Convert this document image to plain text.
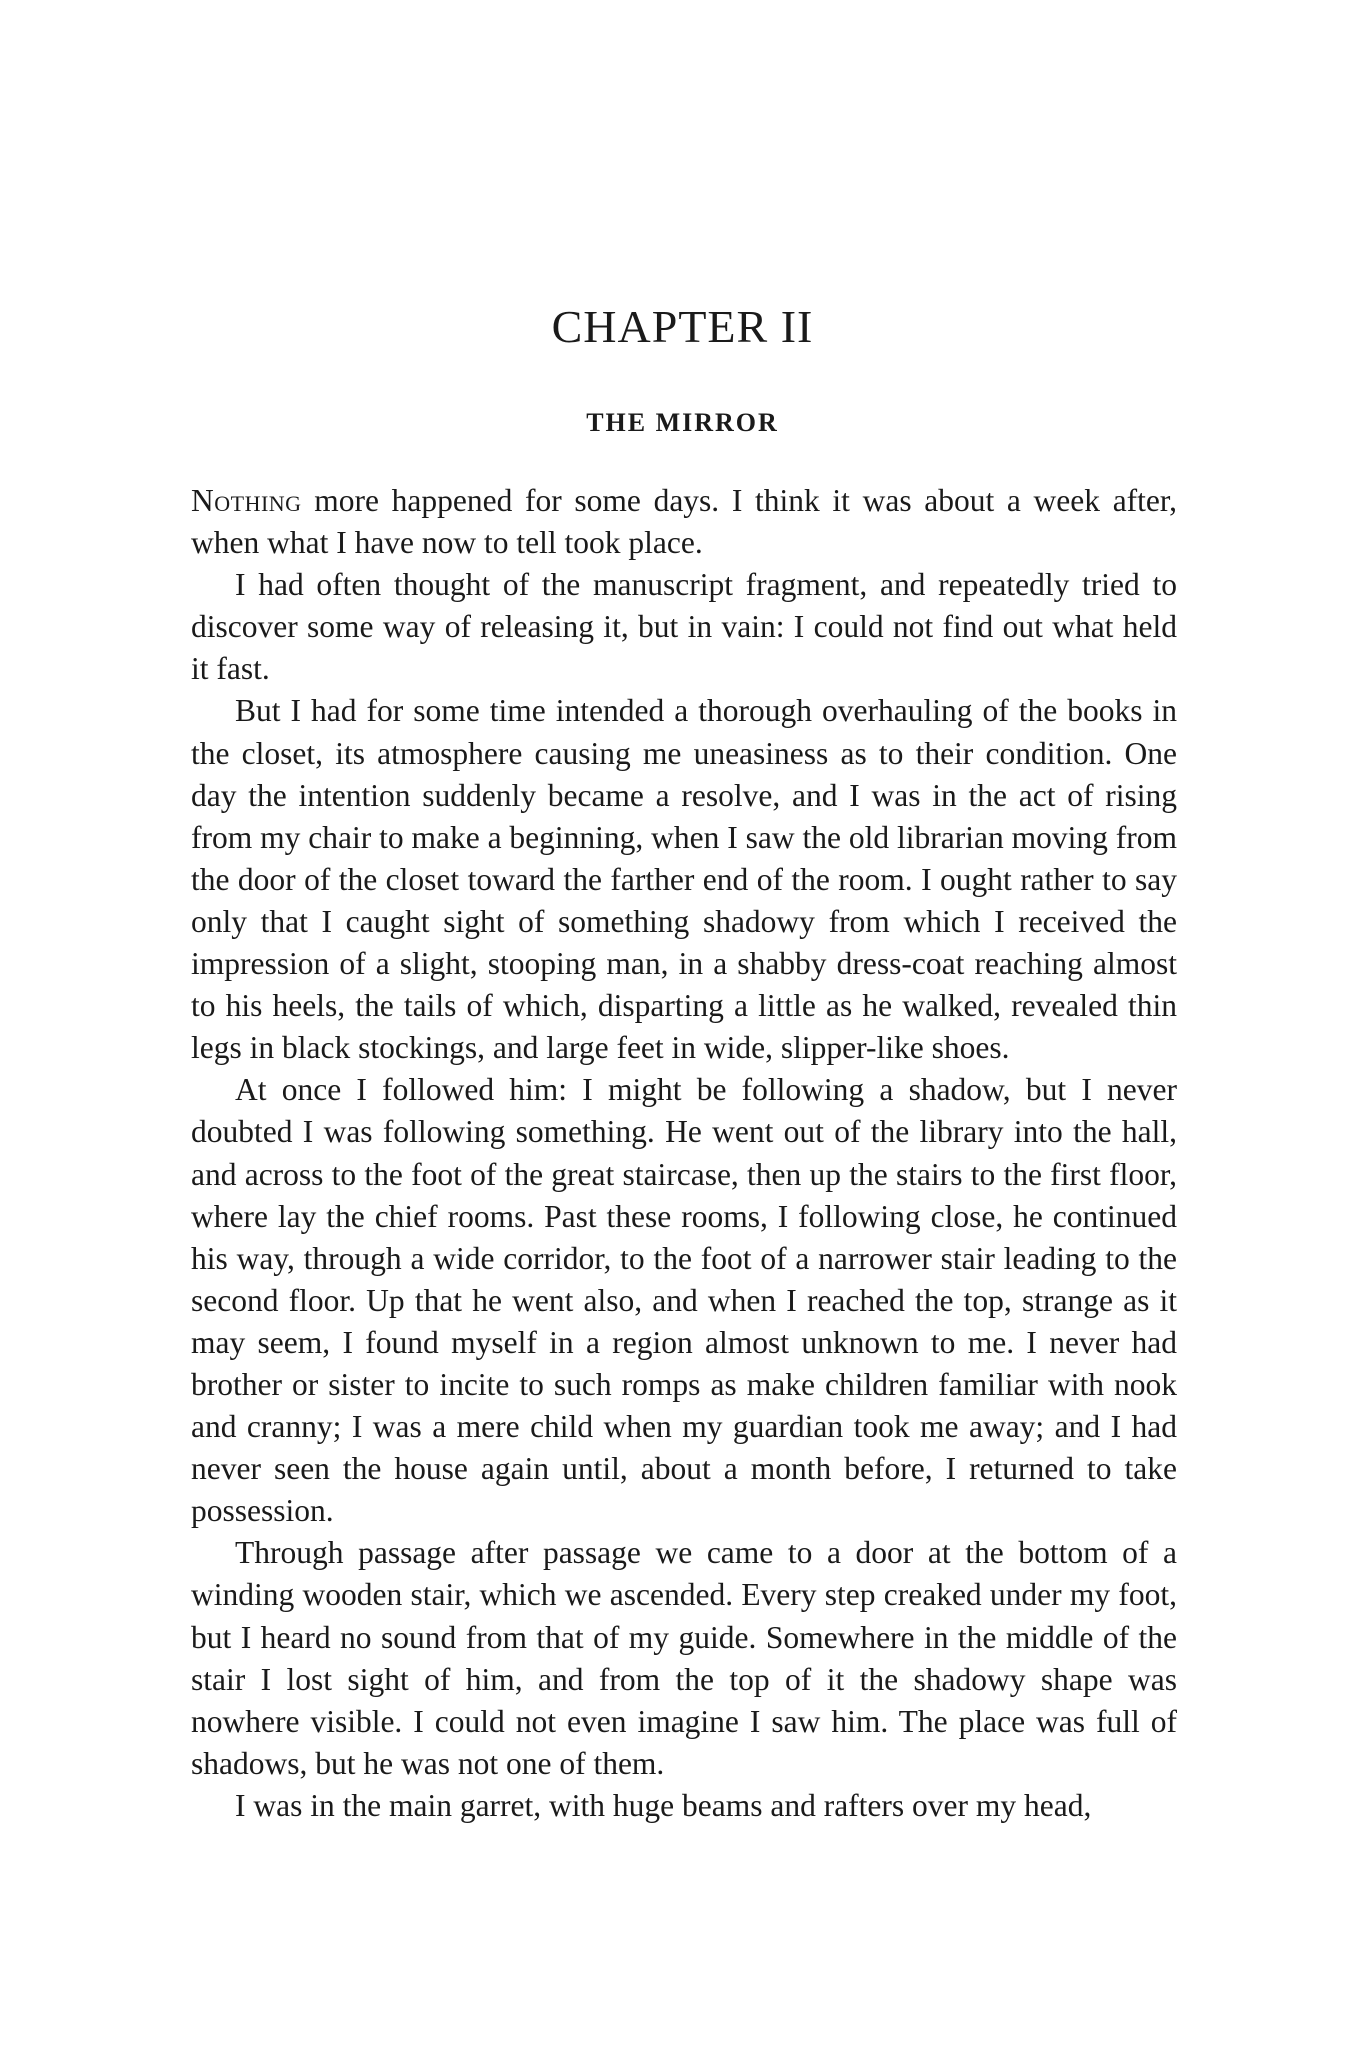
CHAPTER II
THE MIRROR

Nothing more happened for some days. I think it was about a week after, when what I have now to tell took place.

I had often thought of the manuscript fragment, and repeatedly tried to discover some way of releasing it, but in vain: I could not find out what held it fast.

But I had for some time intended a thorough overhauling of the books in the closet, its atmosphere causing me uneasiness as to their condition. One day the intention suddenly became a resolve, and I was in the act of rising from my chair to make a beginning, when I saw the old librarian moving from the door of the closet toward the farther end of the room. I ought rather to say only that I caught sight of something shadowy from which I received the impression of a slight, stooping man, in a shabby dress-coat reaching almost to his heels, the tails of which, disparting a little as he walked, revealed thin legs in black stockings, and large feet in wide, slipper-like shoes.

At once I followed him: I might be following a shadow, but I never doubted I was following something. He went out of the library into the hall, and across to the foot of the great staircase, then up the stairs to the first floor, where lay the chief rooms. Past these rooms, I following close, he continued his way, through a wide corridor, to the foot of a narrower stair leading to the second floor. Up that he went also, and when I reached the top, strange as it may seem, I found myself in a region almost unknown to me. I never had brother or sister to incite to such romps as make children familiar with nook and cranny; I was a mere child when my guardian took me away; and I had never seen the house again until, about a month before, I returned to take possession.

Through passage after passage we came to a door at the bottom of a winding wooden stair, which we ascended. Every step creaked under my foot, but I heard no sound from that of my guide. Somewhere in the middle of the stair I lost sight of him, and from the top of it the shadowy shape was nowhere visible. I could not even imagine I saw him. The place was full of shadows, but he was not one of them.

I was in the main garret, with huge beams and rafters over my head,
